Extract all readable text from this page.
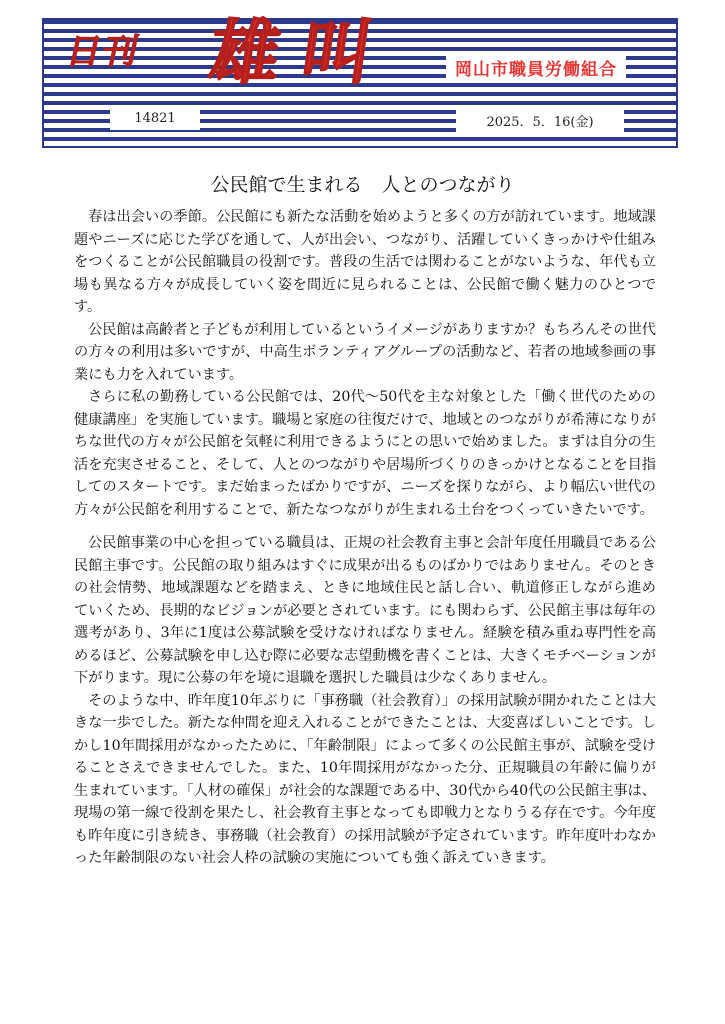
日刊 雄叫	岡山市職員労働組合
14821	2025．5．16(金)
公民館で生まれる　人とのつながり

春は出会いの季節。公民館にも新たな活動を始めようと多くの方が訪れています。地域課題やニーズに応じた学びを通して、人が出会い、つながり、活躍していくきっかけや仕組みをつくることが公民館職員の役割です。普段の生活では関わることがないような、年代も立場も異なる方々が成長していく姿を間近に見られることは、公民館で働く魅力のひとつです。

公民館は高齢者と子どもが利用しているというイメージがありますか？もちろんその世代の方々の利用は多いですが、中高生ボランティアグループの活動など、若者の地域参画の事業にも力を入れています。

さらに私の勤務している公民館では、20代～50代を主な対象とした「働く世代のための健康講座」を実施しています。職場と家庭の往復だけで、地域とのつながりが希薄になりがちな世代の方々が公民館を気軽に利用できるようにとの思いで始めました。まずは自分の生活を充実させること、そして、人とのつながりや居場所づくりのきっかけとなることを目指してのスタートです。まだ始まったばかりですが、ニーズを探りながら、より幅広い世代の方々が公民館を利用することで、新たなつながりが生まれる土台をつくっていきたいです。

公民館事業の中心を担っている職員は、正規の社会教育主事と会計年度任用職員である公民館主事です。公民館の取り組みはすぐに成果が出るものばかりではありません。そのときの社会情勢、地域課題などを踏まえ、ときに地域住民と話し合い、軌道修正しながら進めていくため、長期的なビジョンが必要とされています。にも関わらず、公民館主事は毎年の選考があり、3年に1度は公募試験を受けなければなりません。経験を積み重ね専門性を高めるほど、公募試験を申し込む際に必要な志望動機を書くことは、大きくモチベーションが下がります。現に公募の年を境に退職を選択した職員は少なくありません。

そのような中、昨年度10年ぶりに「事務職（社会教育）」の採用試験が開かれたことは大きな一歩でした。新たな仲間を迎え入れることができたことは、大変喜ばしいことです。しかし10年間採用がなかったために、「年齢制限」によって多くの公民館主事が、試験を受けることさえできませんでした。また、10年間採用がなかった分、正規職員の年齢に偏りが生まれています。「人材の確保」が社会的な課題である中、30代から40代の公民館主事は、現場の第一線で役割を果たし、社会教育主事となっても即戦力となりうる存在です。今年度も昨年度に引き続き、事務職（社会教育）の採用試験が予定されています。昨年度叶わなかった年齢制限のない社会人枠の試験の実施についても強く訴えていきます。
